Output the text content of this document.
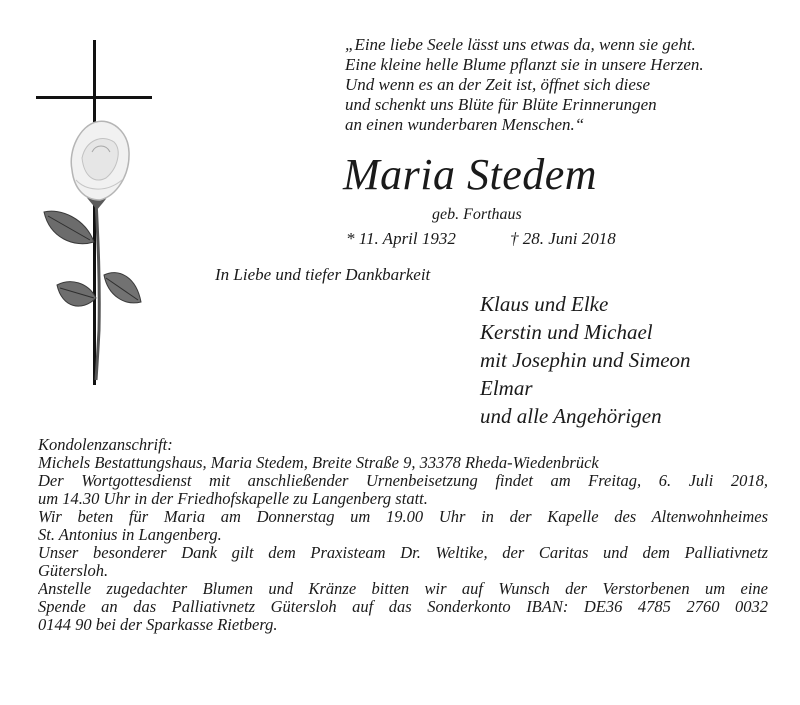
„Eine liebe Seele lässt uns etwas da, wenn sie geht.
Eine kleine helle Blume pflanzt sie in unsere Herzen.
Und wenn es an der Zeit ist, öffnet sich diese
und schenkt uns Blüte für Blüte Erinnerungen
an einen wunderbaren Menschen.“
Maria Stedem
geb. Forthaus
* 11. April 1932	† 28. Juni 2018
In Liebe und tiefer Dankbarkeit
Klaus und Elke
Kerstin und Michael
mit Josephin und Simeon
Elmar
und alle Angehörigen
Kondolenzanschrift:
Michels Bestattungshaus, Maria Stedem, Breite Straße 9, 33378 Rheda-Wiedenbrück
Der Wortgottesdienst mit anschließender Urnenbeisetzung findet am Freitag, 6. Juli 2018,
um 14.30 Uhr in der Friedhofskapelle zu Langenberg statt.
Wir beten für Maria am Donnerstag um 19.00 Uhr in der Kapelle des Altenwohnheimes
St. Antonius in Langenberg.
Unser besonderer Dank gilt dem Praxisteam Dr. Weltike, der Caritas und dem Palliativnetz
Gütersloh.
Anstelle zugedachter Blumen und Kränze bitten wir auf Wunsch der Verstorbenen um eine
Spende an das Palliativnetz Gütersloh auf das Sonderkonto IBAN: DE36 4785 2760 0032
0144 90 bei der Sparkasse Rietberg.
